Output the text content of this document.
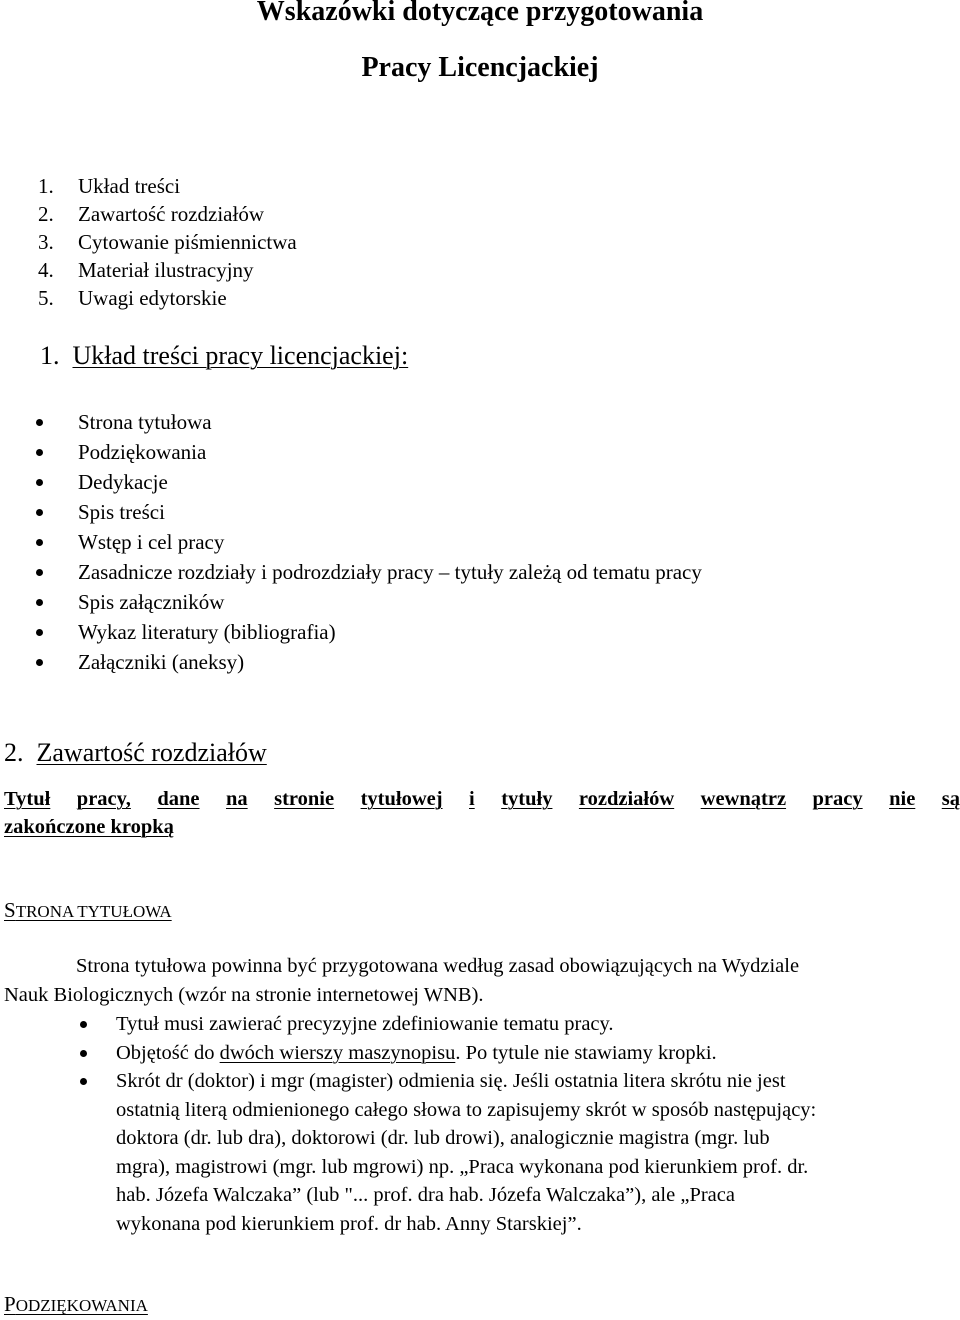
Wskazówki dotyczące przygotowania
Pracy Licencjackiej
1. Układ treści
2. Zawartość rozdziałów
3. Cytowanie piśmiennictwa
4. Materiał ilustracyjny
5. Uwagi edytorskie
1. Układ treści pracy licencjackiej:
Strona tytułowa
Podziękowania
Dedykacje
Spis treści
Wstęp i cel pracy
Zasadnicze rozdziały i podrozdziały pracy – tytuły zależą od tematu pracy
Spis załączników
Wykaz literatury (bibliografia)
Załączniki (aneksy)
2. Zawartość rozdziałów
Tytuł pracy, dane na stronie tytułowej i tytuły rozdziałów wewnątrz pracy nie są
zakończone kropką
STRONA TYTUŁOWA
Strona tytułowa powinna być przygotowana według zasad obowiązujących na Wydziale
Nauk Biologicznych (wzór na stronie internetowej WNB).
Tytuł musi zawierać precyzyjne zdefiniowanie tematu pracy.
Objętość do dwóch wierszy maszynopisu. Po tytule nie stawiamy kropki.
Skrót dr (doktor) i mgr (magister) odmienia się. Jeśli ostatnia litera skrótu nie jest
ostatnią literą odmienionego całego słowa to zapisujemy skrót w sposób następujący:
doktora (dr. lub dra), doktorowi (dr. lub drowi), analogicznie magistra (mgr. lub
mgra), magistrowi (mgr. lub mgrowi) np. „Praca wykonana pod kierunkiem prof. dr.
hab. Józefa Walczaka” (lub "... prof. dra hab. Józefa Walczaka”), ale „Praca
wykonana pod kierunkiem prof. dr hab. Anny Starskiej”.
PODZIĘKOWANIA
